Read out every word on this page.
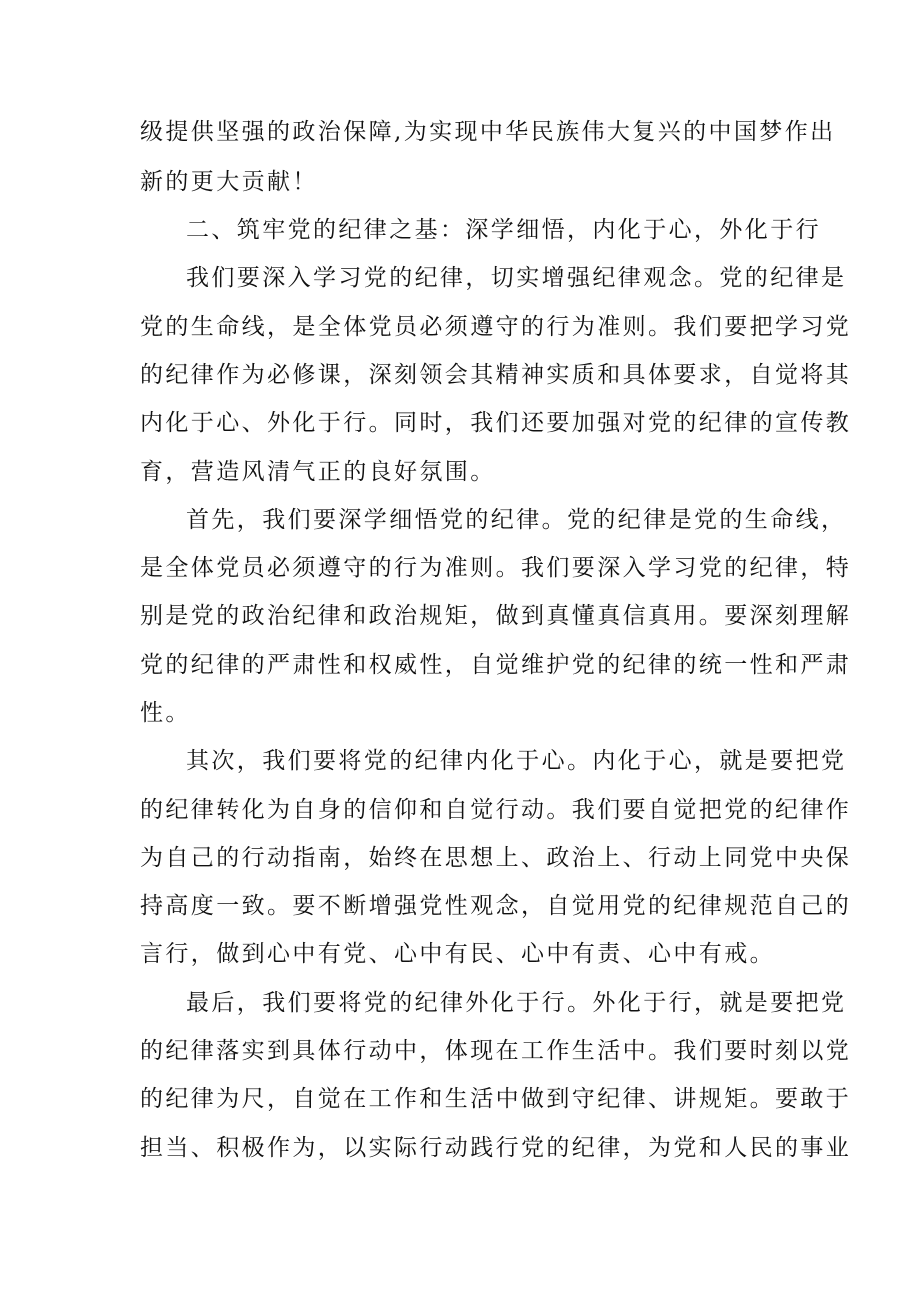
级提供坚强的政治保障,为实现中华民族伟大复兴的中国梦作出
新的更大贡献！
二、筑牢党的纪律之基：深学细悟，内化于心，外化于行
我们要深入学习党的纪律，切实增强纪律观念。党的纪律是
党的生命线，是全体党员必须遵守的行为准则。我们要把学习党
的纪律作为必修课，深刻领会其精神实质和具体要求，自觉将其
内化于心、外化于行。同时，我们还要加强对党的纪律的宣传教
育，营造风清气正的良好氛围。
首先，我们要深学细悟党的纪律。党的纪律是党的生命线，
是全体党员必须遵守的行为准则。我们要深入学习党的纪律，特
别是党的政治纪律和政治规矩，做到真懂真信真用。要深刻理解
党的纪律的严肃性和权威性，自觉维护党的纪律的统一性和严肃
性。
其次，我们要将党的纪律内化于心。内化于心，就是要把党
的纪律转化为自身的信仰和自觉行动。我们要自觉把党的纪律作
为自己的行动指南，始终在思想上、政治上、行动上同党中央保
持高度一致。要不断增强党性观念，自觉用党的纪律规范自己的
言行，做到心中有党、心中有民、心中有责、心中有戒。
最后，我们要将党的纪律外化于行。外化于行，就是要把党
的纪律落实到具体行动中，体现在工作生活中。我们要时刻以党
的纪律为尺，自觉在工作和生活中做到守纪律、讲规矩。要敢于
担当、积极作为，以实际行动践行党的纪律，为党和人民的事业
